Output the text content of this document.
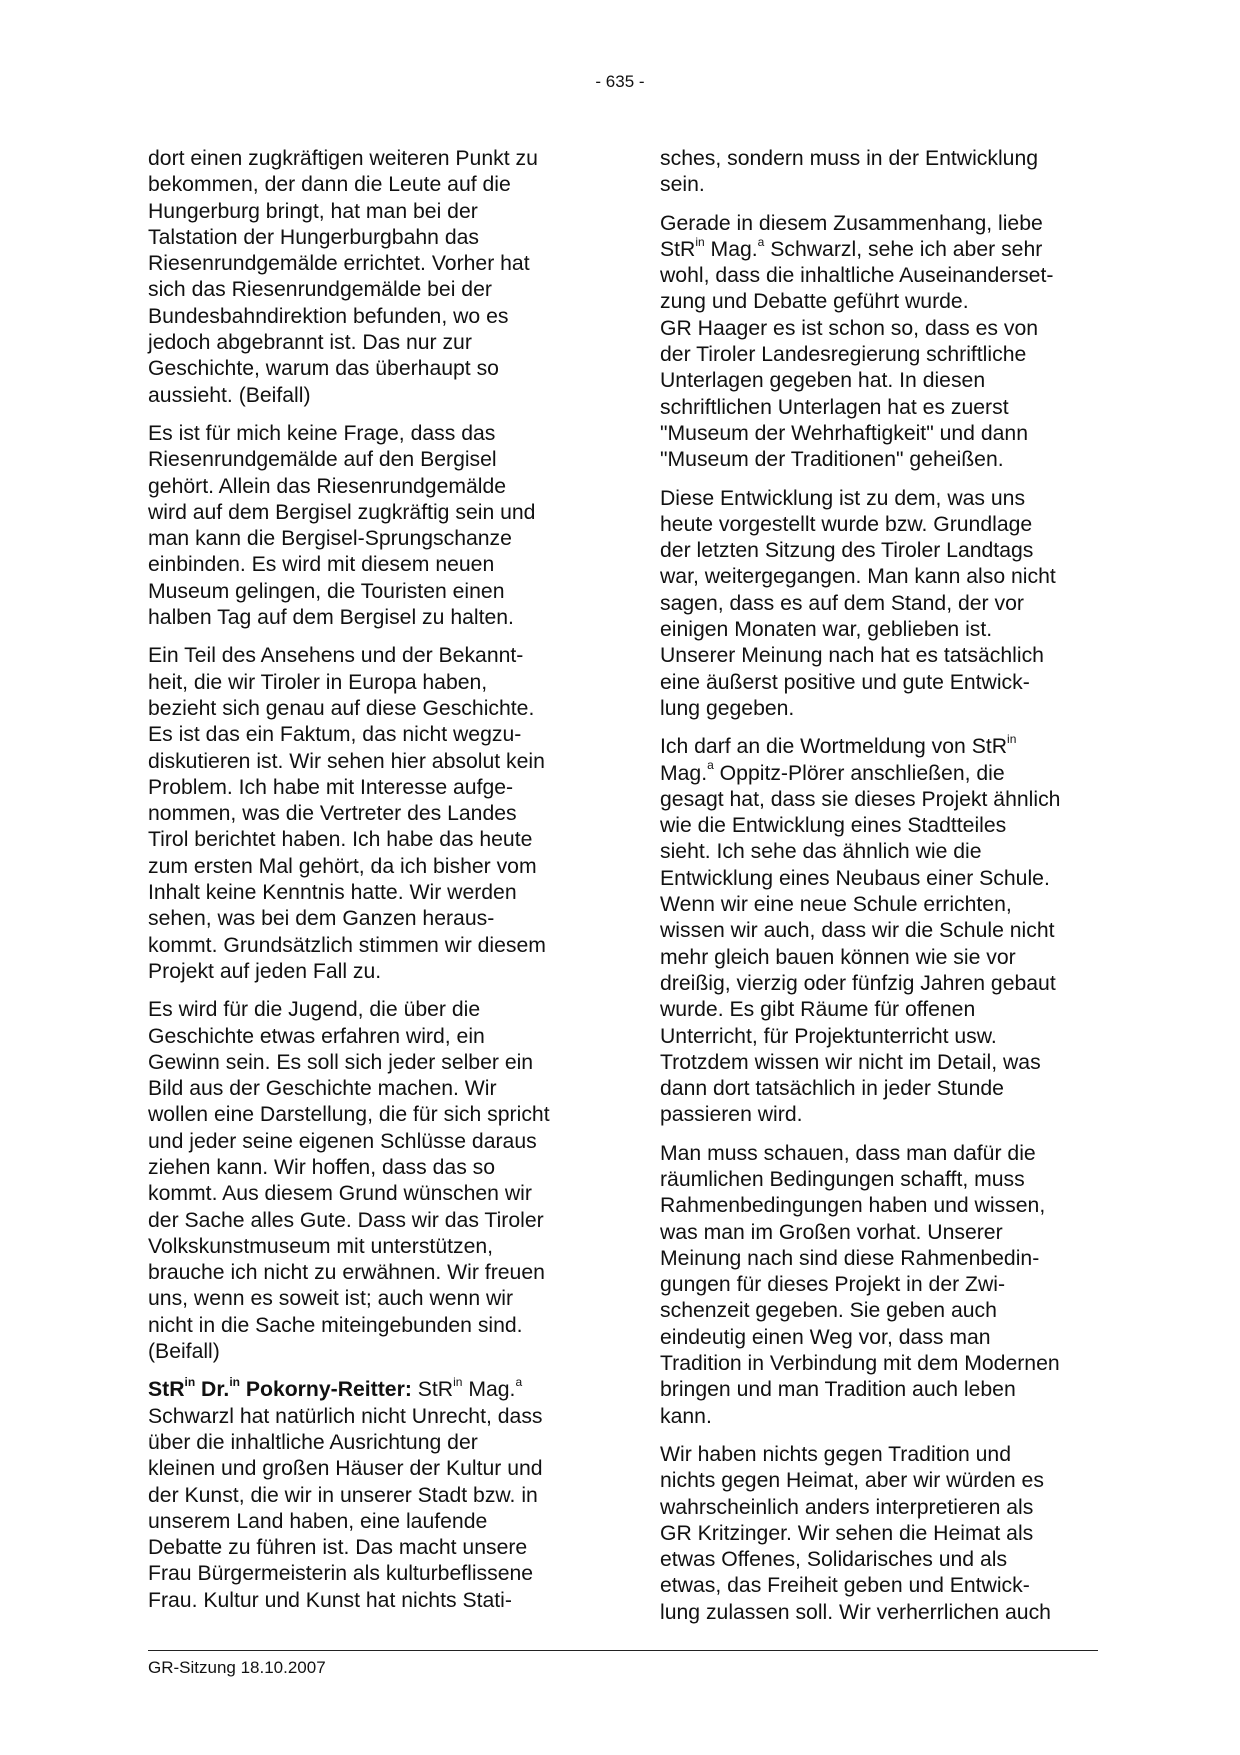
- 635 -
dort einen zugkräftigen weiteren Punkt zu
bekommen, der dann die Leute auf die
Hungerburg bringt, hat man bei der
Talstation der Hungerburgbahn das
Riesenrundgemälde errichtet. Vorher hat
sich das Riesenrundgemälde bei der
Bundesbahndirektion befunden, wo es
jedoch abgebrannt ist. Das nur zur
Geschichte, warum das überhaupt so
aussieht. (Beifall)
Es ist für mich keine Frage, dass das
Riesenrundgemälde auf den Bergisel
gehört. Allein das Riesenrundgemälde
wird auf dem Bergisel zugkräftig sein und
man kann die Bergisel-Sprungschanze
einbinden. Es wird mit diesem neuen
Museum gelingen, die Touristen einen
halben Tag auf dem Bergisel zu halten.
Ein Teil des Ansehens und der Bekannt-
heit, die wir Tiroler in Europa haben,
bezieht sich genau auf diese Geschichte.
Es ist das ein Faktum, das nicht wegzu-
diskutieren ist. Wir sehen hier absolut kein
Problem. Ich habe mit Interesse aufge-
nommen, was die Vertreter des Landes
Tirol berichtet haben. Ich habe das heute
zum ersten Mal gehört, da ich bisher vom
Inhalt keine Kenntnis hatte. Wir werden
sehen, was bei dem Ganzen heraus-
kommt. Grundsätzlich stimmen wir diesem
Projekt auf jeden Fall zu.
Es wird für die Jugend, die über die
Geschichte etwas erfahren wird, ein
Gewinn sein. Es soll sich jeder selber ein
Bild aus der Geschichte machen. Wir
wollen eine Darstellung, die für sich spricht
und jeder seine eigenen Schlüsse daraus
ziehen kann. Wir hoffen, dass das so
kommt. Aus diesem Grund wünschen wir
der Sache alles Gute. Dass wir das Tiroler
Volkskunstmuseum mit unterstützen,
brauche ich nicht zu erwähnen. Wir freuen
uns, wenn es soweit ist; auch wenn wir
nicht in die Sache miteingebunden sind.
(Beifall)
StR$^{in}$ Dr.$^{in}$ Pokorny-Reitter: StR$^{in}$ Mag.$^a$
Schwarzl hat natürlich nicht Unrecht, dass
über die inhaltliche Ausrichtung der
kleinen und großen Häuser der Kultur und
der Kunst, die wir in unserer Stadt bzw. in
unserem Land haben, eine laufende
Debatte zu führen ist. Das macht unsere
Frau Bürgermeisterin als kulturbeflissene
Frau. Kultur und Kunst hat nichts Stati-
sches, sondern muss in der Entwicklung
sein.
Gerade in diesem Zusammenhang, liebe
StR$^{in}$ Mag.$^a$ Schwarzl, sehe ich aber sehr
wohl, dass die inhaltliche Auseinanderset-
zung und Debatte geführt wurde.
GR Haager es ist schon so, dass es von
der Tiroler Landesregierung schriftliche
Unterlagen gegeben hat. In diesen
schriftlichen Unterlagen hat es zuerst
"Museum der Wehrhaftigkeit" und dann
"Museum der Traditionen" geheißen.
Diese Entwicklung ist zu dem, was uns
heute vorgestellt wurde bzw. Grundlage
der letzten Sitzung des Tiroler Landtags
war, weitergegangen. Man kann also nicht
sagen, dass es auf dem Stand, der vor
einigen Monaten war, geblieben ist.
Unserer Meinung nach hat es tatsächlich
eine äußerst positive und gute Entwick-
lung gegeben.
Ich darf an die Wortmeldung von StR$^{in}$
Mag.$^a$ Oppitz-Plörer anschließen, die
gesagt hat, dass sie dieses Projekt ähnlich
wie die Entwicklung eines Stadtteiles
sieht. Ich sehe das ähnlich wie die
Entwicklung eines Neubaus einer Schule.
Wenn wir eine neue Schule errichten,
wissen wir auch, dass wir die Schule nicht
mehr gleich bauen können wie sie vor
dreißig, vierzig oder fünfzig Jahren gebaut
wurde. Es gibt Räume für offenen
Unterricht, für Projektunterricht usw.
Trotzdem wissen wir nicht im Detail, was
dann dort tatsächlich in jeder Stunde
passieren wird.
Man muss schauen, dass man dafür die
räumlichen Bedingungen schafft, muss
Rahmenbedingungen haben und wissen,
was man im Großen vorhat. Unserer
Meinung nach sind diese Rahmenbedin-
gungen für dieses Projekt in der Zwi-
schenzeit gegeben. Sie geben auch
eindeutig einen Weg vor, dass man
Tradition in Verbindung mit dem Modernen
bringen und man Tradition auch leben
kann.
Wir haben nichts gegen Tradition und
nichts gegen Heimat, aber wir würden es
wahrscheinlich anders interpretieren als
GR Kritzinger. Wir sehen die Heimat als
etwas Offenes, Solidarisches und als
etwas, das Freiheit geben und Entwick-
lung zulassen soll. Wir verherrlichen auch
GR-Sitzung 18.10.2007
